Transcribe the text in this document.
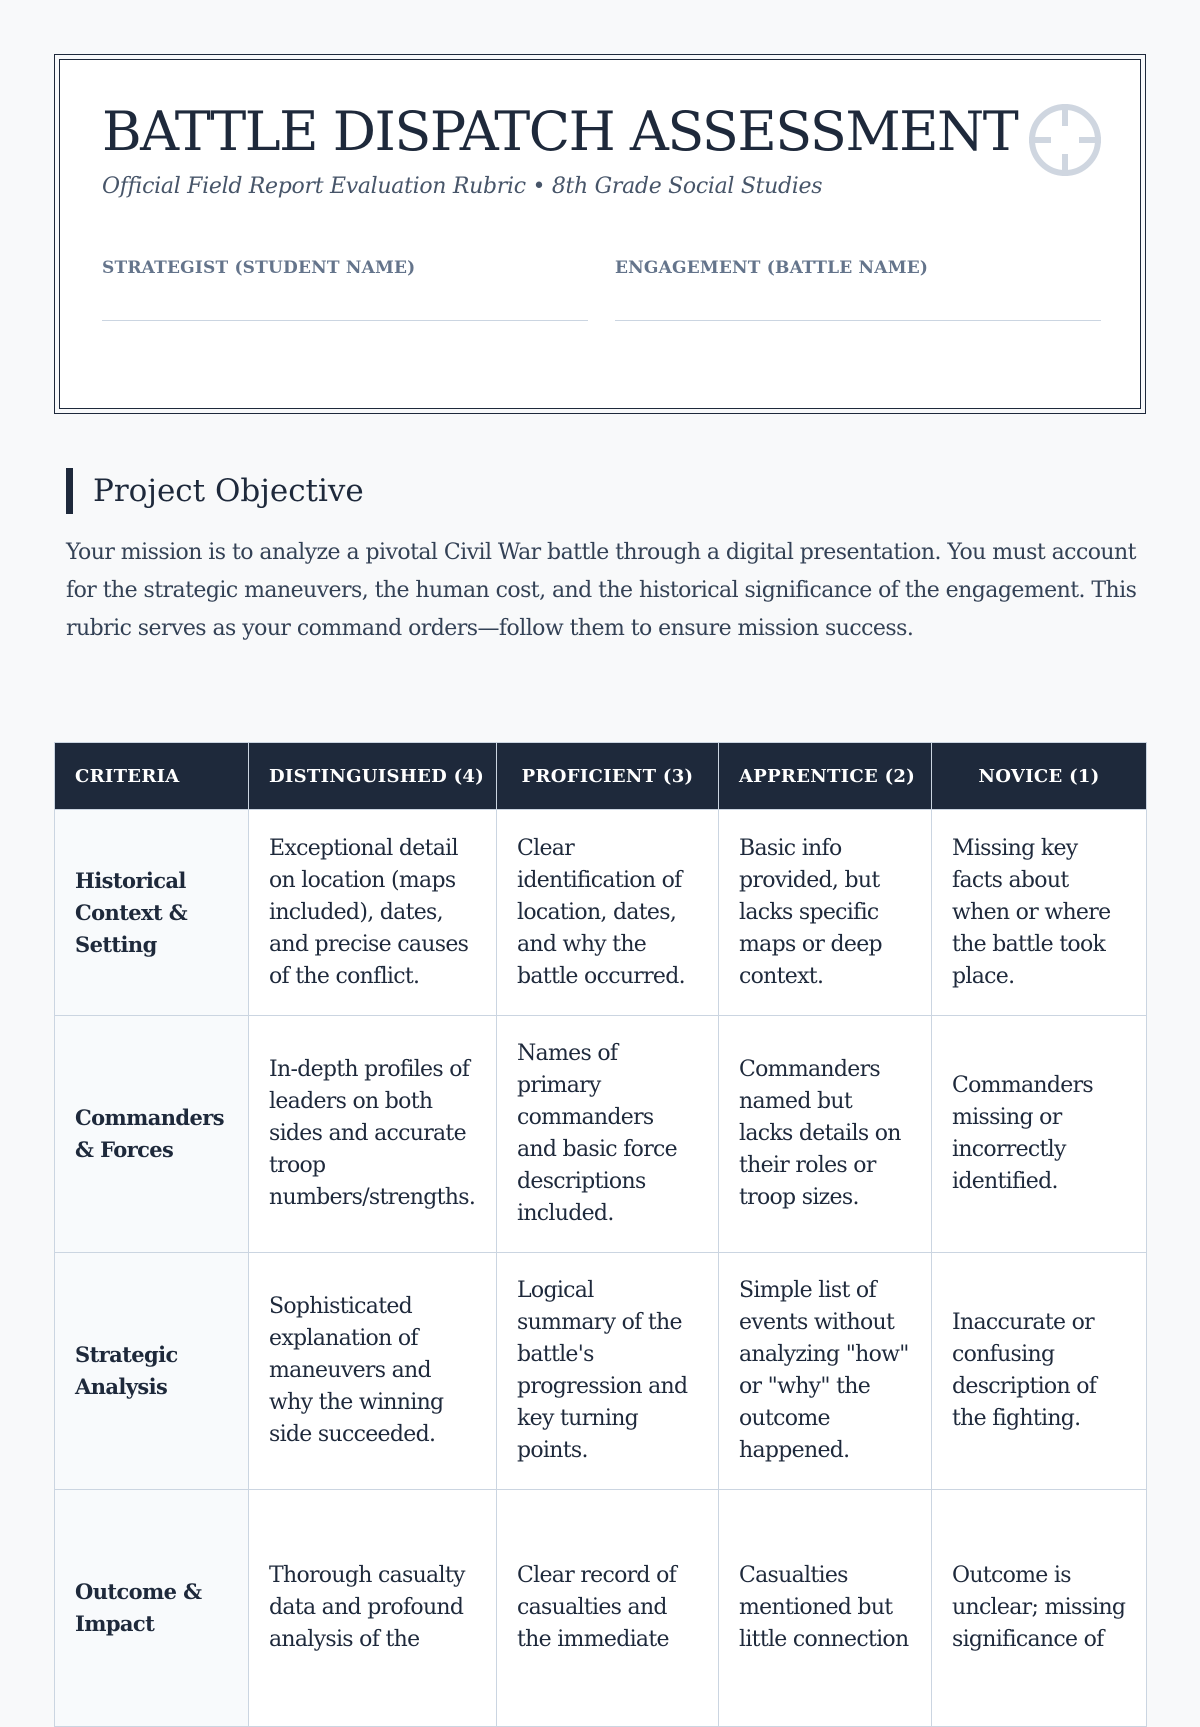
BATTLE DISPATCH ASSESSMENT

Official Field Report Evaluation Rubric • 8th Grade Social Studies

STRATEGIST (STUDENT NAME)	ENGAGEMENT (BATTLE NAME)
Project Objective

Your mission is to analyze a pivotal Civil War battle through a digital presentation. You must account for the strategic maneuvers, the human cost, and the historical significance of the engagement. This rubric serves as your command orders—follow them to ensure mission success.

CRITERIA	DISTINGUISHED (4)	PROFICIENT (3)	APPRENTICE (2)	NOVICE (1)
Historical Context & Setting	Exceptional detail on location (maps included), dates, and precise causes of the conflict.	Clear identification of location, dates, and why the battle occurred.	Basic info provided, but lacks specific maps or deep context.	Missing key facts about when or where the battle took place.
Commanders & Forces	In-depth profiles of leaders on both sides and accurate troop numbers/strengths.	Names of primary commanders and basic force descriptions included.	Commanders named but lacks details on their roles or troop sizes.	Commanders missing or incorrectly identified.
Strategic Analysis	Sophisticated explanation of maneuvers and why the winning side succeeded.	Logical summary of the battle's progression and key turning points.	Simple list of events without analyzing "how" or "why" the outcome happened.	Inaccurate or confusing description of the fighting.
Outcome & Impact	Thorough casualty data and profound analysis of the	Clear record of casualties and the immediate	Casualties mentioned but little connection	Outcome is unclear; missing significance of
